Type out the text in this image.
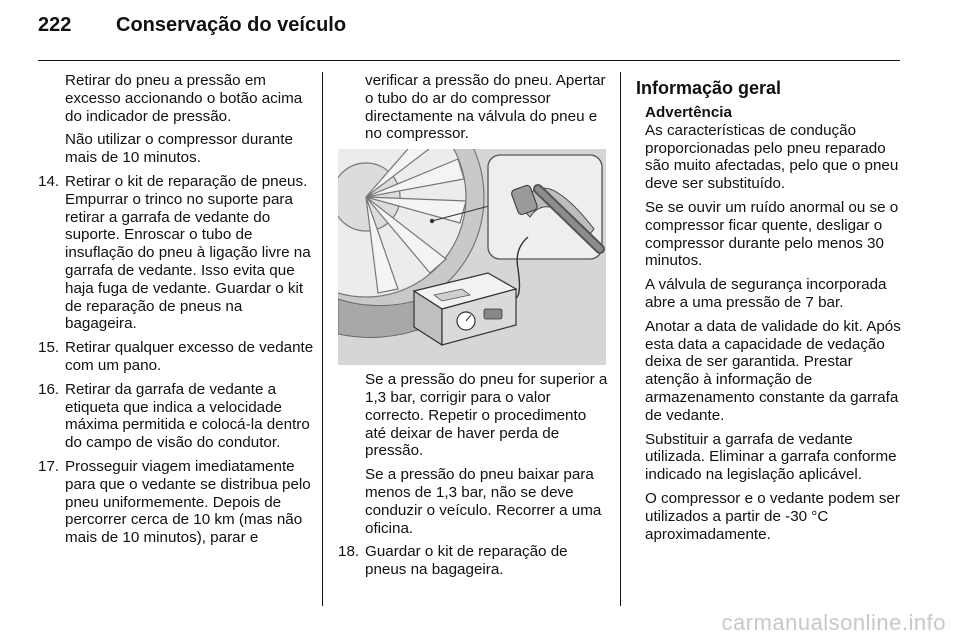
222	Conservação do veículo

Retirar do pneu a pressão em excesso accionando o botão acima do indicador de pressão.

Não utilizar o compressor durante mais de 10 minutos.

14. Retirar o kit de reparação de pneus. Empurrar o trinco no suporte para retirar a garrafa de vedante do suporte. Enroscar o tubo de insuflação do pneu à ligação livre na garrafa de vedante. Isso evita que haja fuga de vedante. Guardar o kit de reparação de pneus na bagageira.
15. Retirar qualquer excesso de vedante com um pano.
16. Retirar da garrafa de vedante a etiqueta que indica a velocidade máxima permitida e colocá-la dentro do campo de visão do condutor.
17. Prosseguir viagem imediatamente para que o vedante se distribua pelo pneu uniformemente. Depois de percorrer cerca de 10 km (mas não mais de 10 minutos), parar e

verificar a pressão do pneu. Apertar o tubo do ar do compressor directamente na válvula do pneu e no compressor.

Se a pressão do pneu for superior a 1,3 bar, corrigir para o valor correcto. Repetir o procedimento até deixar de haver perda de pressão.

Se a pressão do pneu baixar para menos de 1,3 bar, não se deve conduzir o veículo. Recorrer a uma oficina.

18. Guardar o kit de reparação de pneus na bagageira.
Informação geral

Advertência

As características de condução proporcionadas pelo pneu reparado são muito afectadas, pelo que o pneu deve ser substituído.

Se se ouvir um ruído anormal ou se o compressor ficar quente, desligar o compressor durante pelo menos 30 minutos.

A válvula de segurança incorporada abre a uma pressão de 7 bar.

Anotar a data de validade do kit. Após esta data a capacidade de vedação deixa de ser garantida. Prestar atenção à informação de armazenamento constante da garrafa de vedante.

Substituir a garrafa de vedante utilizada. Eliminar a garrafa conforme indicado na legislação aplicável.

O compressor e o vedante podem ser utilizados a partir de -30 °C aproximadamente.

carmanualsonline.info
